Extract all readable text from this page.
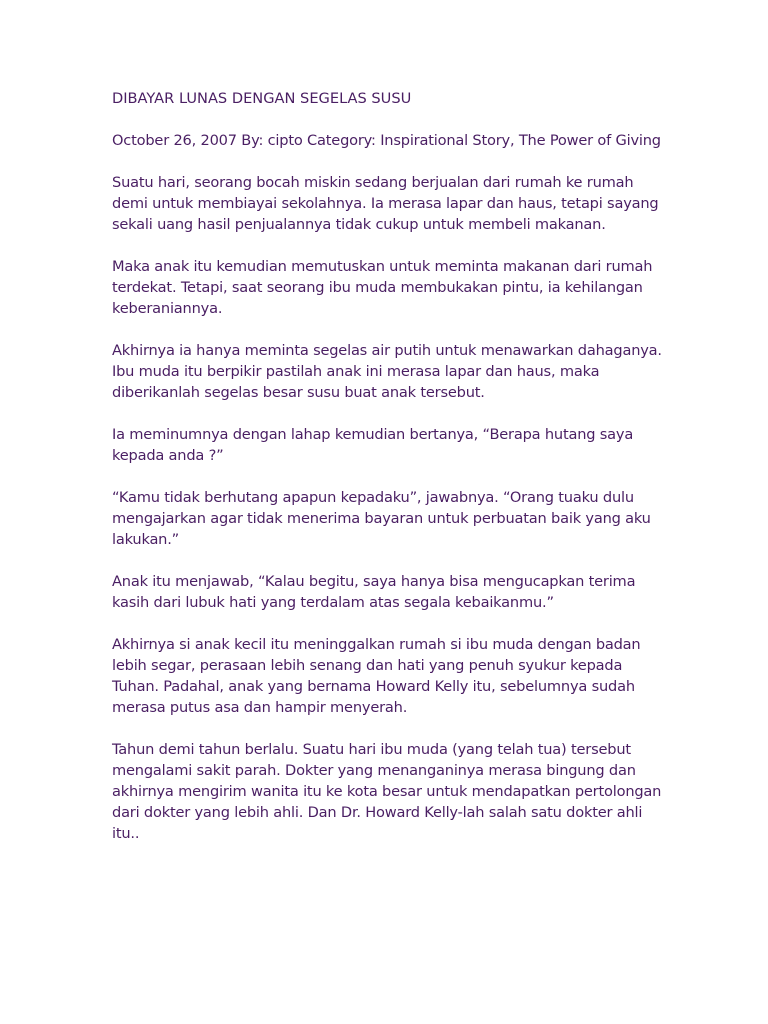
DIBAYAR LUNAS DENGAN SEGELAS SUSU
October 26, 2007 By: cipto Category: Inspirational Story, The Power of Giving
Suatu hari, seorang bocah miskin sedang berjualan dari rumah ke rumah demi untuk membiayai sekolahnya. Ia merasa lapar dan haus, tetapi sayang sekali uang hasil penjualannya tidak cukup untuk membeli makanan.
Maka anak itu kemudian memutuskan untuk meminta makanan dari rumah terdekat. Tetapi, saat seorang ibu muda membukakan pintu, ia kehilangan keberaniannya.
Akhirnya ia hanya meminta segelas air putih untuk menawarkan dahaganya. Ibu muda itu berpikir pastilah anak ini merasa lapar dan haus, maka diberikanlah segelas besar susu buat anak tersebut.
Ia meminumnya dengan lahap kemudian bertanya, “Berapa hutang saya kepada anda ?”
“Kamu tidak berhutang apapun kepadaku”, jawabnya. “Orang tuaku dulu mengajarkan agar tidak menerima bayaran untuk perbuatan baik yang aku lakukan.”
Anak itu menjawab, “Kalau begitu, saya hanya bisa mengucapkan terima kasih dari lubuk hati yang terdalam atas segala kebaikanmu.”
Akhirnya si anak kecil itu meninggalkan rumah si ibu muda dengan badan lebih segar, perasaan lebih senang dan hati yang penuh syukur kepada Tuhan. Padahal, anak yang bernama Howard Kelly itu, sebelumnya sudah merasa putus asa dan hampir menyerah.
Tahun demi tahun berlalu. Suatu hari ibu muda (yang telah tua) tersebut mengalami sakit parah. Dokter yang menanganinya merasa bingung dan akhirnya mengirim wanita itu ke kota besar untuk mendapatkan pertolongan dari dokter yang lebih ahli. Dan Dr. Howard Kelly-lah salah satu dokter ahli itu..
